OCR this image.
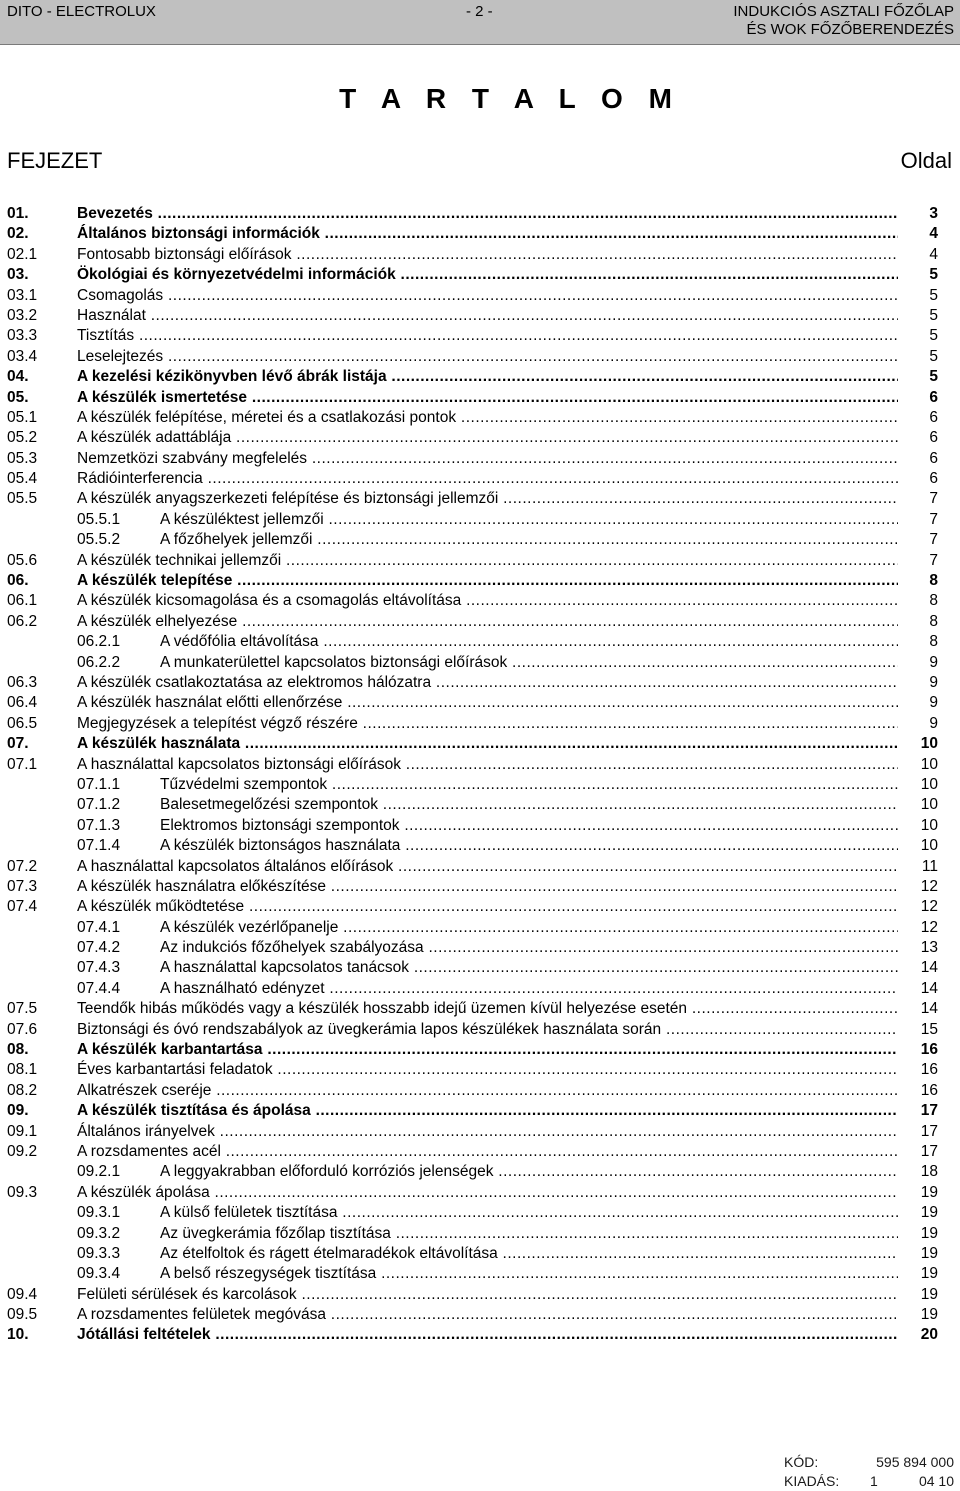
DITO - ELECTROLUX	- 2 -	INDUKCIÓS ASZTALI FŐZŐLAP
ÉS WOK FŐZŐBERENDEZÉS
T A R T A L O M
FEJEZET	Oldal
01.	Bevezetés .....	3
02.	Általános biztonsági információk .....	4
02.1	Fontosabb biztonsági előírások .....	4
03.	Ökológiai és környezetvédelmi információk .....	5
03.1	Csomagolás .....	5
03.2	Használat .....	5
03.3	Tisztítás .....	5
03.4	Leselejtezés .....	5
04.	A kezelési kézikönyvben lévő ábrák listája .....	5
05.	A készülék ismertetése .....	6
05.1	A készülék felépítése, méretei és a csatlakozási pontok .....	6
05.2	A készülék adattáblája .....	6
05.3	Nemzetközi szabvány megfelelés .....	6
05.4	Rádióinterferencia .....	6
05.5	A készülék anyagszerkezeti felépítése és biztonsági jellemzői .....	7
05.5.1	A készüléktest jellemzői .....	7
05.5.2	A főzőhelyek jellemzői .....	7
05.6	A készülék technikai jellemzői .....	7
06.	A készülék telepítése .....	8
06.1	A készülék kicsomagolása és a csomagolás eltávolítása .....	8
06.2	A készülék elhelyezése .....	8
06.2.1	A védőfólia eltávolítása .....	8
06.2.2	A munkaterülettel kapcsolatos biztonsági előírások .....	9
06.3	A készülék csatlakoztatása az elektromos hálózatra .....	9
06.4	A készülék használat előtti ellenőrzése .....	9
06.5	Megjegyzések a telepítést végző részére .....	9
07.	A készülék használata .....	10
07.1	A használattal kapcsolatos biztonsági előírások .....	10
07.1.1	Tűzvédelmi szempontok .....	10
07.1.2	Balesetmegelőzési szempontok .....	10
07.1.3	Elektromos biztonsági szempontok .....	10
07.1.4	A készülék biztonságos használata .....	10
07.2	A használattal kapcsolatos általános előírások .....	11
07.3	A készülék használatra előkészítése .....	12
07.4	A készülék működtetése .....	12
07.4.1	A készülék vezérlőpanelje .....	12
07.4.2	Az indukciós főzőhelyek szabályozása .....	13
07.4.3	A használattal kapcsolatos tanácsok .....	14
07.4.4	A használható edényzet .....	14
07.5	Teendők hibás működés vagy a készülék hosszabb idejű üzemen kívül helyezése esetén .....	14
07.6	Biztonsági és óvó rendszabályok az üvegkerámia lapos készülékek használata során .....	15
08.	A készülék karbantartása .....	16
08.1	Éves karbantartási feladatok .....	16
08.2	Alkatrészek cseréje .....	16
09.	A készülék tisztítása és ápolása .....	17
09.1	Általános irányelvek .....	17
09.2	A rozsdamentes acél .....	17
09.2.1	A leggyakrabban előforduló korróziós jelenségek .....	18
09.3	A készülék ápolása .....	19
09.3.1	A külső felületek tisztítása .....	19
09.3.2	Az üvegkerámia főzőlap tisztítása .....	19
09.3.3	Az ételfoltok és rágett ételmaradékok eltávolítása .....	19
09.3.4	A belső részegységek tisztítása .....	19
09.4	Felületi sérülések és karcolások .....	19
09.5	A rozsdamentes felületek megóvása .....	19
10.	Jótállási feltételek .....	20
KÓD:	595 894 000
KIADÁS: 1	04 10
